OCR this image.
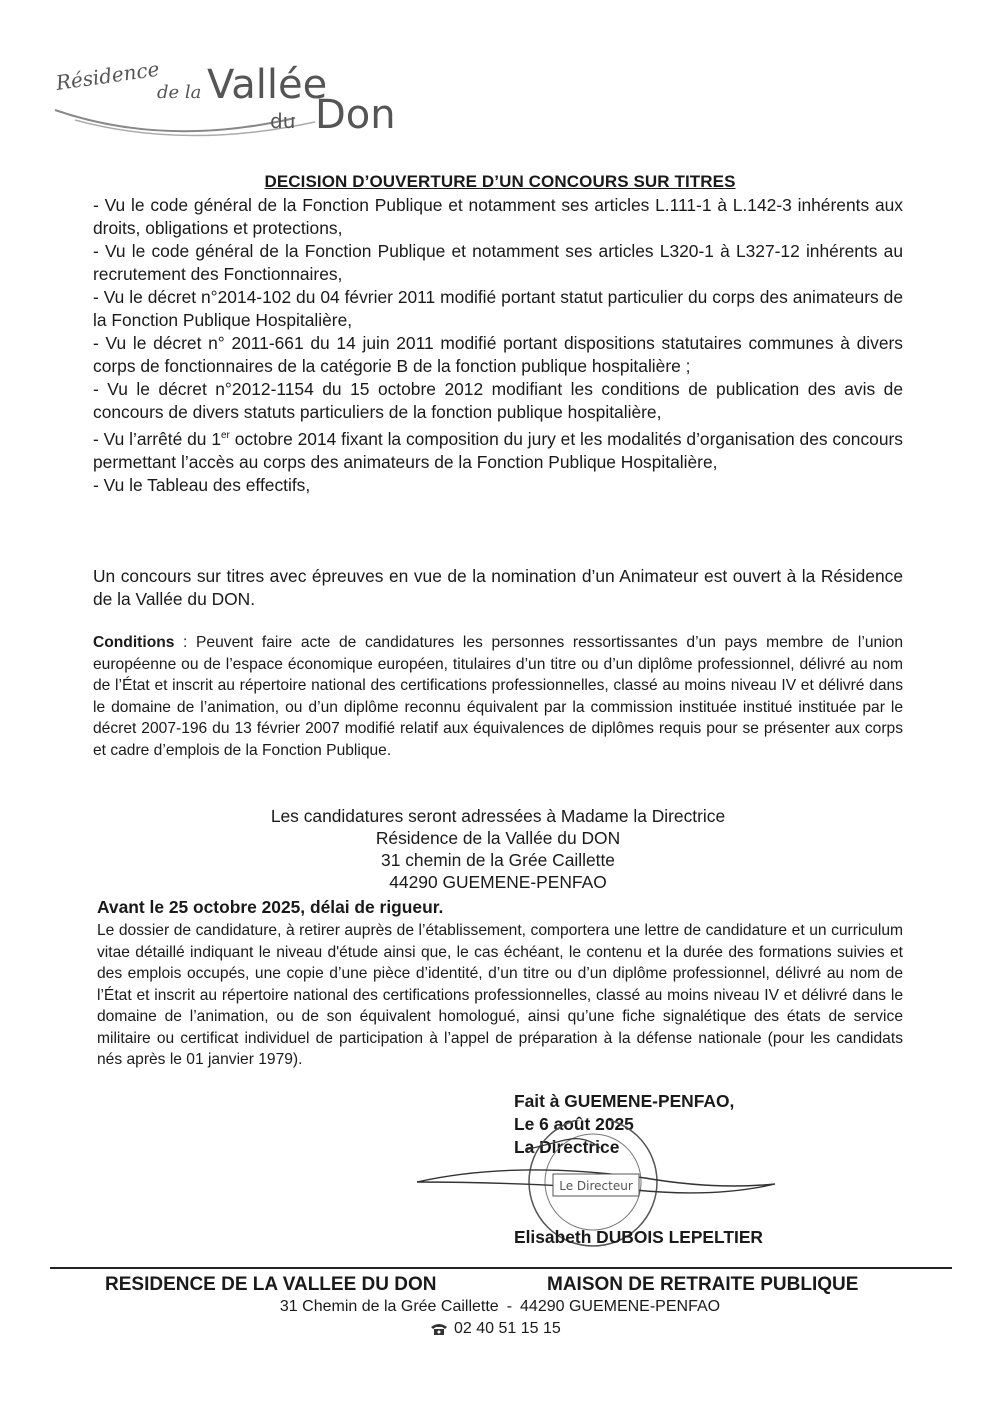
Résidence
de la Vallée
du Don
DECISION D’OUVERTURE D’UN CONCOURS SUR TITRES

- Vu le code général de la Fonction Publique et notamment ses articles L.111-1 à L.142-3 inhérents aux droits, obligations et protections,

- Vu le code général de la Fonction Publique et notamment ses articles L320-1 à L327-12 inhérents au recrutement des Fonctionnaires,

- Vu le décret n°2014-102 du 04 février 2011 modifié portant statut particulier du corps des animateurs de la Fonction Publique Hospitalière,

- Vu le décret n° 2011-661 du 14 juin 2011 modifié portant dispositions statutaires communes à divers corps de fonctionnaires de la catégorie B de la fonction publique hospitalière ;

- Vu le décret n°2012-1154 du 15 octobre 2012 modifiant les conditions de publication des avis de concours de divers statuts particuliers de la fonction publique hospitalière,

- Vu l’arrêté du 1er octobre 2014 fixant la composition du jury et les modalités d’organisation des concours permettant l’accès au corps des animateurs de la Fonction Publique Hospitalière,

- Vu le Tableau des effectifs,

Un concours sur titres avec épreuves en vue de la nomination d’un Animateur est ouvert à la Résidence de la Vallée du DON.

Conditions : Peuvent faire acte de candidatures les personnes ressortissantes d’un pays membre de l’union européenne ou de l’espace économique européen, titulaires d’un titre ou d’un diplôme professionnel, délivré au nom de l’État et inscrit au répertoire national des certifications professionnelles, classé au moins niveau IV et délivré dans le domaine de l’animation, ou d’un diplôme reconnu équivalent par la commission instituée institué instituée par le décret 2007-196 du 13 février 2007 modifié relatif aux équivalences de diplômes requis pour se présenter aux corps et cadre d’emplois de la Fonction Publique.

Les candidatures seront adressées à Madame la Directrice
Résidence de la Vallée du DON
31 chemin de la Grée Caillette
44290 GUEMENE-PENFAO

Avant le 25 octobre 2025, délai de rigueur.

Le dossier de candidature, à retirer auprès de l’établissement, comportera une lettre de candidature et un curriculum vitae détaillé indiquant le niveau d'étude ainsi que, le cas échéant, le contenu et la durée des formations suivies et des emplois occupés, une copie d’une pièce d’identité, d’un titre ou d’un diplôme professionnel, délivré au nom de l’État et inscrit au répertoire national des certifications professionnelles, classé au moins niveau IV et délivré dans le domaine de l’animation, ou de son équivalent homologué, ainsi qu’une fiche signalétique des états de service militaire ou certificat individuel de participation à l’appel de préparation à la défense nationale (pour les candidats nés après le 01 janvier 1979).

Fait à GUEMENE-PENFAO,
Le 6 août 2025
La Directrice
Le Directeur
Elisabeth DUBOIS LEPELTIER
RESIDENCE DE LA VALLEE DU DON	MAISON DE RETRAITE PUBLIQUE
31 Chemin de la Grée Caillette - 44290 GUEMENE-PENFAO
02 40 51 15 15
